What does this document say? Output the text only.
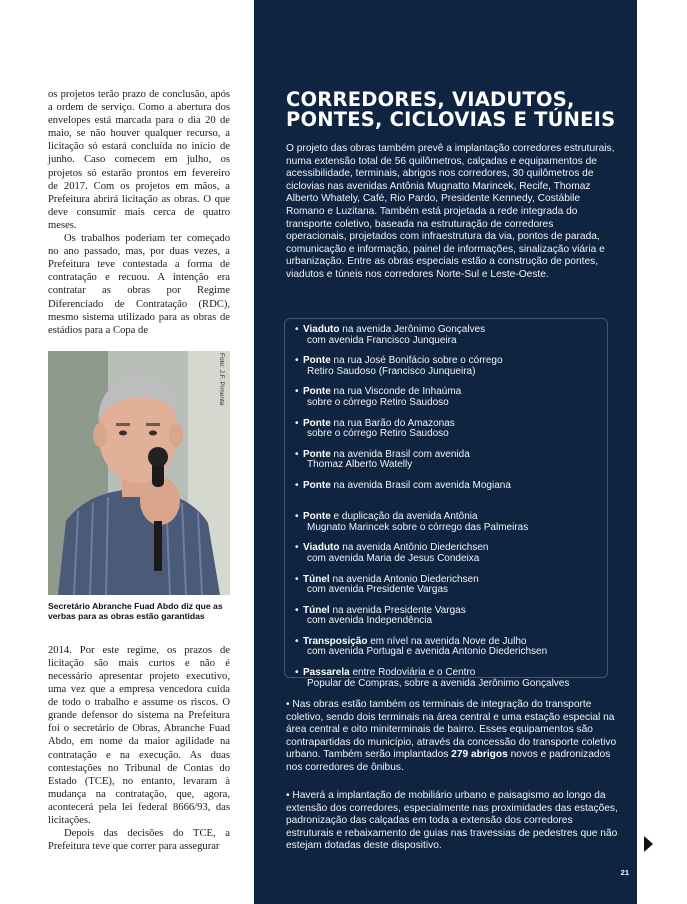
os projetos terão prazo de conclusão, após a ordem de serviço. Como a abertura dos envelopes está marcada para o dia 20 de maio, se não houver qualquer recurso, a licitação só estará concluída no início de junho. Caso comecem em julho, os projetos só estarão prontos em fevereiro de 2017. Com os projetos em mãos, a Prefeitura abrirá licitação as obras. O que deve consumir mais cerca de quatro meses.

Os trabalhos poderiam ter começado no ano passado, mas, por duas vezes, a Prefeitura teve contestada a forma de contratação e recuou. A intenção era contratar as obras por Regime Diferenciado de Contratação (RDC), mesmo sistema utilizado para as obras de estádios para a Copa de

Foto: J.F. Pimenta
Secretário Abranche Fuad Abdo diz que as verbas para as obras estão garantidas

2014. Por este regime, os prazos de licitação são mais curtos e não é necessário apresentar projeto executivo, uma vez que a empresa vencedora cuida de todo o trabalho e assume os riscos. O grande defensor do sistema na Prefeitura foi o secretário de Obras, Abranche Fuad Abdo, em nome da maior agilidade na contratação e na execução. As duas contestações no Tribunal de Contas do Estado (TCE), no entanto, levaram à mudança na contratação, que, agora, acontecerá pela lei federal 8666/93, das licitações.

Depois das decisões do TCE, a Prefeitura teve que correr para assegurar

CORREDORES, VIADUTOS,
PONTES, CICLOVIAS E TÚNEIS

O projeto das obras também prevê a implantação corredores estruturais, numa extensão total de 56 quilômetros, calçadas e equipamentos de acessibilidade, terminais, abrigos nos corredores, 30 quilômetros de ciclovias nas avenidas Antônia Mugnatto Marincek, Recife, Thomaz Alberto Whately, Café, Rio Pardo, Presidente Kennedy, Costábile Romano e Luzitana. Também está projetada a rede integrada do transporte coletivo, baseada na estruturação de corredores operacionais, projetados com infraestrutura da via, pontos de parada, comunicação e informação, painel de informações, sinalização viária e urbanização. Entre as obras especiais estão a construção de pontes, viadutos e túneis nos corredores Norte-Sul e Leste-Oeste.

• Viaduto na avenida Jerônimo Gonçalves
com avenida Francisco Junqueira
• Ponte na rua José Bonifácio sobre o córrego
Retiro Saudoso (Francisco Junqueira)
• Ponte na rua Visconde de Inhaúma
sobre o córrego Retiro Saudoso
• Ponte na rua Barão do Amazonas
sobre o córrego Retiro Saudoso
• Ponte na avenida Brasil com avenida
Thomaz Alberto Watelly
• Ponte na avenida Brasil com avenida Mogiana
• Ponte e duplicação da avenida Antônia
Mugnato Marincek sobre o córrego das Palmeiras
• Viaduto na avenida Antônio Diederichsen
com avenida Maria de Jesus Condeixa
• Túnel na avenida Antonio Diederichsen
com avenida Presidente Vargas
• Túnel na avenida Presidente Vargas
com avenida Independência
• Transposição em nível na avenida Nove de Julho
com avenida Portugal e avenida Antonio Diederichsen
• Passarela entre Rodoviária e o Centro
Popular de Compras, sobre a avenida Jerônimo Gonçalves

• Nas obras estão também os terminais de integração do transporte coletivo, sendo dois terminais na área central e uma estação especial na área central e oito miniterminais de bairro. Esses equipamentos são contrapartidas do município, através da concessão do transporte coletivo urbano. Também serão implantados 279 abrigos novos e padronizados nos corredores de ônibus.

• Haverá a implantação de mobiliário urbano e paisagismo ao longo da extensão dos corredores, especialmente nas proximidades das estações, padronização das calçadas em toda a extensão dos corredores estruturais e rebaixamento de guias nas travessias de pedestres que não estejam dotadas deste dispositivo.

21
